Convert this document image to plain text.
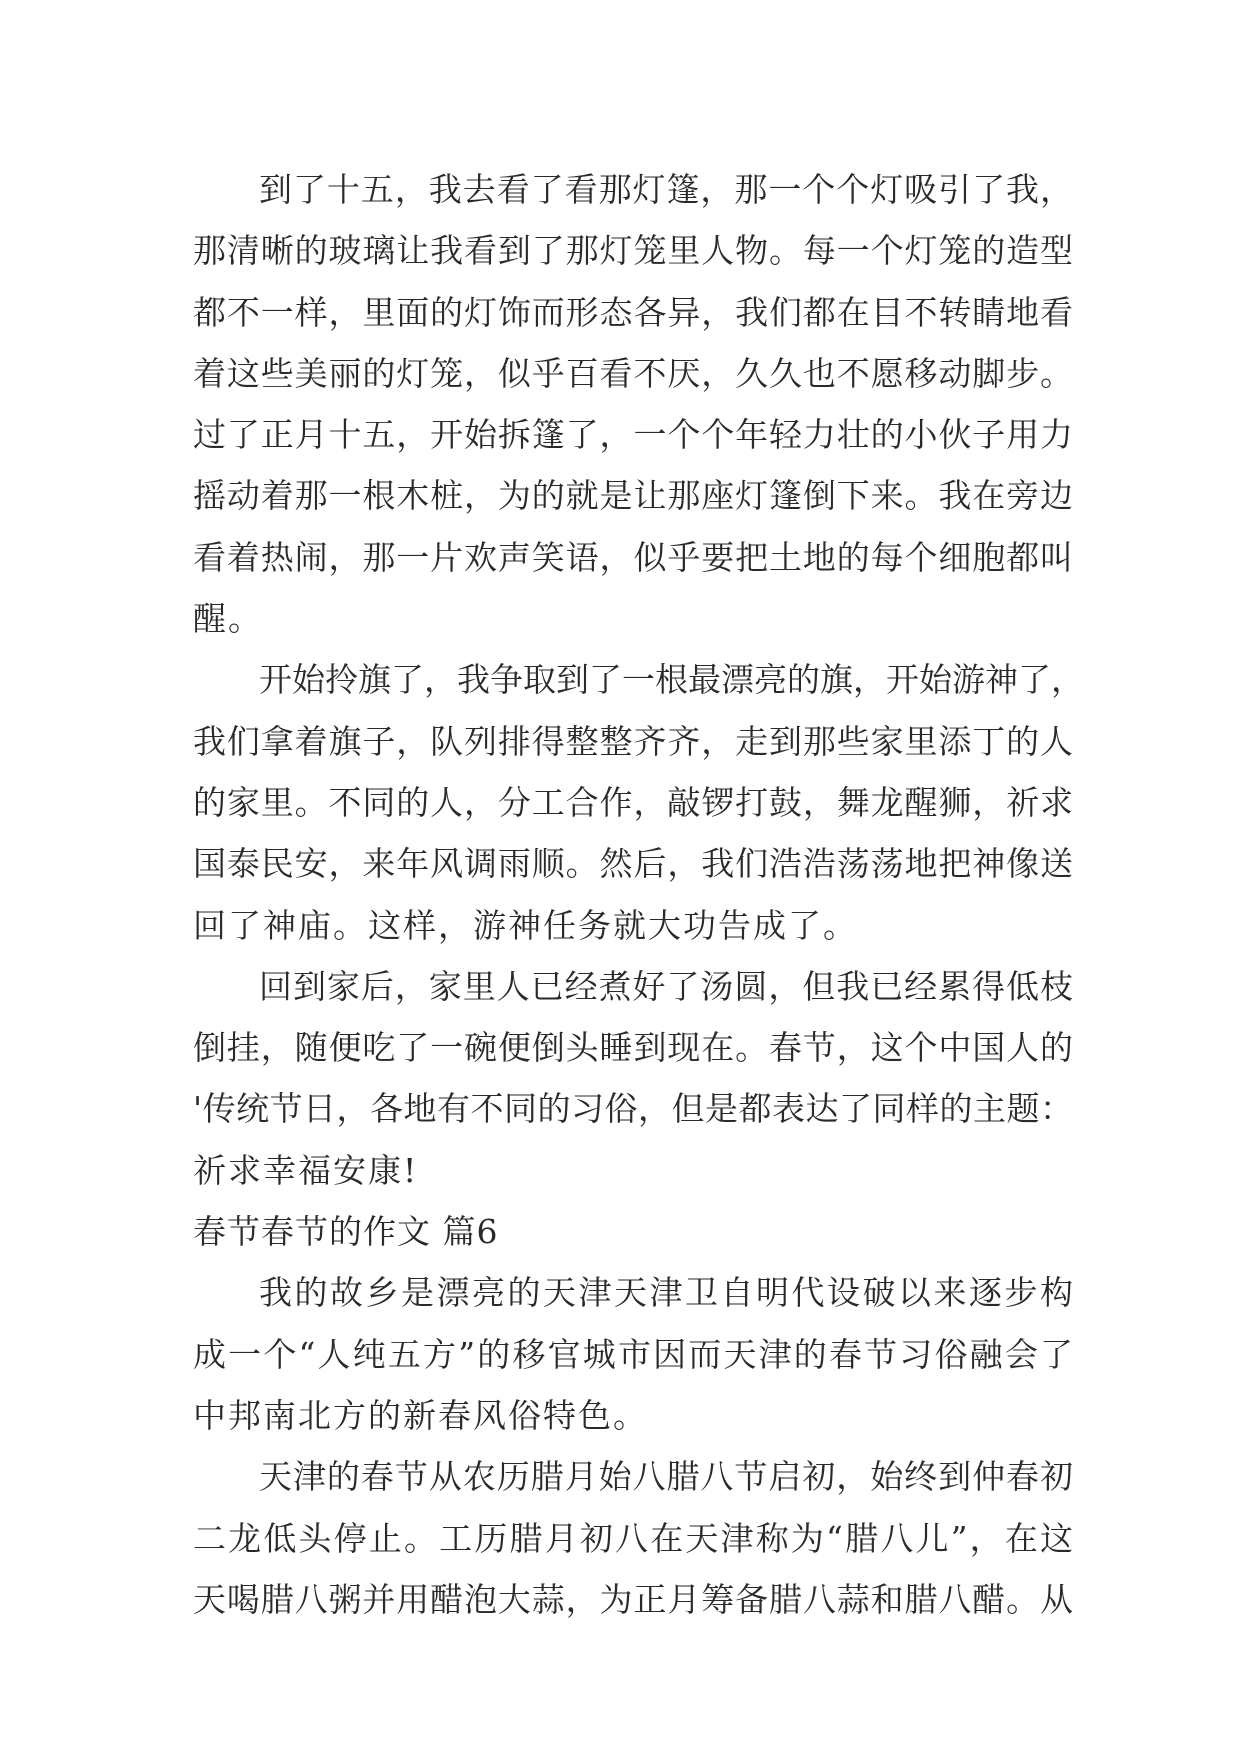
到了十五，我去看了看那灯篷，那一个个灯吸引了我，
那清晰的玻璃让我看到了那灯笼里人物。每一个灯笼的造型
都不一样，里面的灯饰而形态各异，我们都在目不转睛地看
着这些美丽的灯笼，似乎百看不厌，久久也不愿移动脚步。
过了正月十五，开始拆篷了，一个个年轻力壮的小伙子用力
摇动着那一根木桩，为的就是让那座灯篷倒下来。我在旁边
看着热闹，那一片欢声笑语，似乎要把土地的每个细胞都叫
醒。
开始拎旗了，我争取到了一根最漂亮的旗，开始游神了，
我们拿着旗子，队列排得整整齐齐，走到那些家里添丁的人
的家里。不同的人，分工合作，敲锣打鼓，舞龙醒狮，祈求
国泰民安，来年风调雨顺。然后，我们浩浩荡荡地把神像送
回了神庙。这样，游神任务就大功告成了。
回到家后，家里人已经煮好了汤圆，但我已经累得低枝
倒挂，随便吃了一碗便倒头睡到现在。春节，这个中国人的
'传统节日，各地有不同的习俗，但是都表达了同样的主题：
祈求幸福安康!
春节春节的作文 篇6
我的故乡是漂亮的天津天津卫自明代设破以来逐步构
成一个“人纯五方”的移官城市因而天津的春节习俗融会了
中邦南北方的新春风俗特色。
天津的春节从农历腊月始八腊八节启初，始终到仲春初
二龙低头停止。工历腊月初八在天津称为“腊八儿”，在这
天喝腊八粥并用醋泡大蒜，为正月筹备腊八蒜和腊八醋。从
